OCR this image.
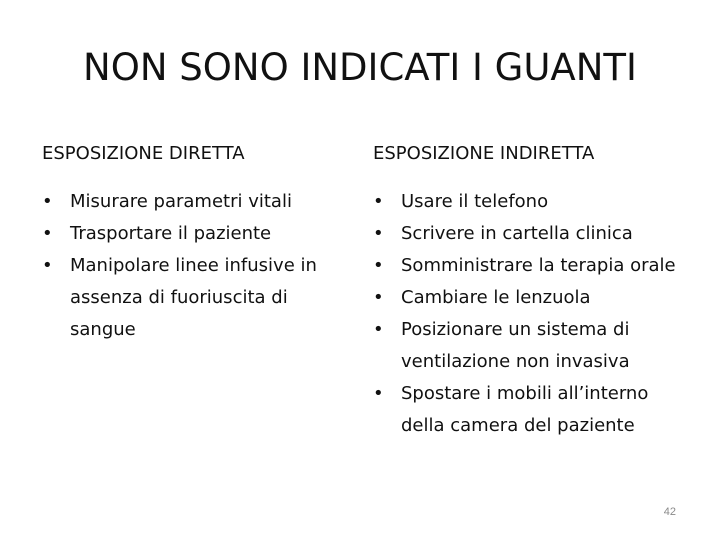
NON SONO INDICATI I GUANTI
ESPOSIZIONE DIRETTA
• Misurare parametri vitali
• Trasportare il paziente
• Manipolare linee infusive in assenza di fuoriuscita di sangue
ESPOSIZIONE INDIRETTA
• Usare il telefono
• Scrivere in cartella clinica
• Somministrare la terapia orale
• Cambiare le lenzuola
• Posizionare un sistema di ventilazione non invasiva
• Spostare i mobili all’interno della camera del paziente
42
